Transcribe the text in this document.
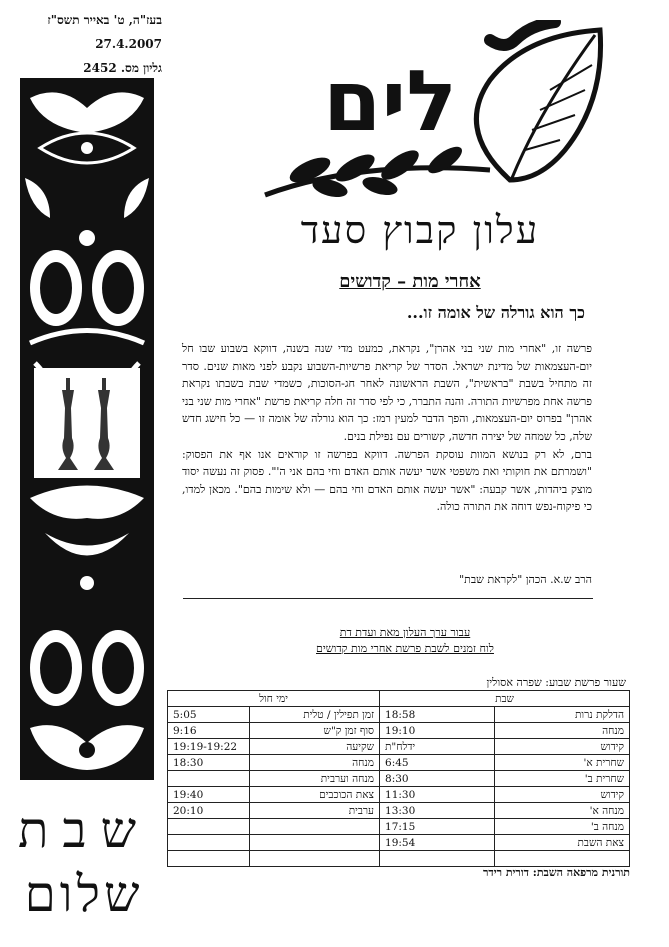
בעז"ה, ט' באייר תשס"ז
27.4.2007
גליון מס. 2452
שבת
שלום
לים
עלון קבוץ סעד
אחרי מות – קדושים
כך הוא גורלה של אומה זו...

פרשה זו, "אחרי מות שני בני אהרן", נקראת, כמעט מדי שנה בשנה, דווקא בשבוע שבו חל יום-העצמאות של מדינת ישראל. הסדר של קריאת פרשיות-השבוע נקבע לפני מאות שנים. סדר זה מתחיל בשבת "בראשית", השבת הראשונה לאחר חג-הסוכות, כשמדי שבת בשבתו נקראת פרשה אחת מפרשיות התורה. והנה התברר, כי לפי סדר זה חלה קריאת פרשת "אחרי מות שני בני אהרן" בפרוס יום-העצמאות, והפך הדבר למעין רמז: כך הוא גורלה של אומה זו — כל חישג חדש שלה, כל שמחה של יצירה חדשה, קשורים עם נפילת בנים.

ברם, לא רק בנושא המוות עוסקת הפרשה. דווקא בפרשה זו קוראים אנו אף את הפסוק: "ושמרתם את חוקותי ואת משפטי אשר יעשה אותם האדם וחי בהם אני ה'". פסוק זה נעשה יסוד מוצק ביהדות, אשר קבעה: "אשר יעשה אותם האדם וחי בהם — ולא שימות בהם". מכאן למדו, כי פיקוח-נפש דוחה את התורה כולה.

הרב ש.א. הכהן "לקראת שבת"
עבור ערך העלון מאת ועדת דת
לוח זמנים לשבת פרשת אחרי מות קדושים
שעור פרשת שבוע: שפרה אסולין
שבת		ימי חול	
הדלקת נרות	18:58	זמן תפילין / טלית	5:05
מנחה	19:10	סוף זמן ק"ש	9:16
קידוש	ידלח"ת	שקיעה	19:19-19:22
שחרית א'	6:45	מנחה	18:30
שחרית ב'	8:30	מנחה וערבית	
קידוש	11:30	צאת הכוכבים	19:40
מנחה א'	13:30	ערבית	20:10
מנחה ב'	17:15		
צאת השבת	19:54		

תורנית מרפאה השבת: דורית רידר
